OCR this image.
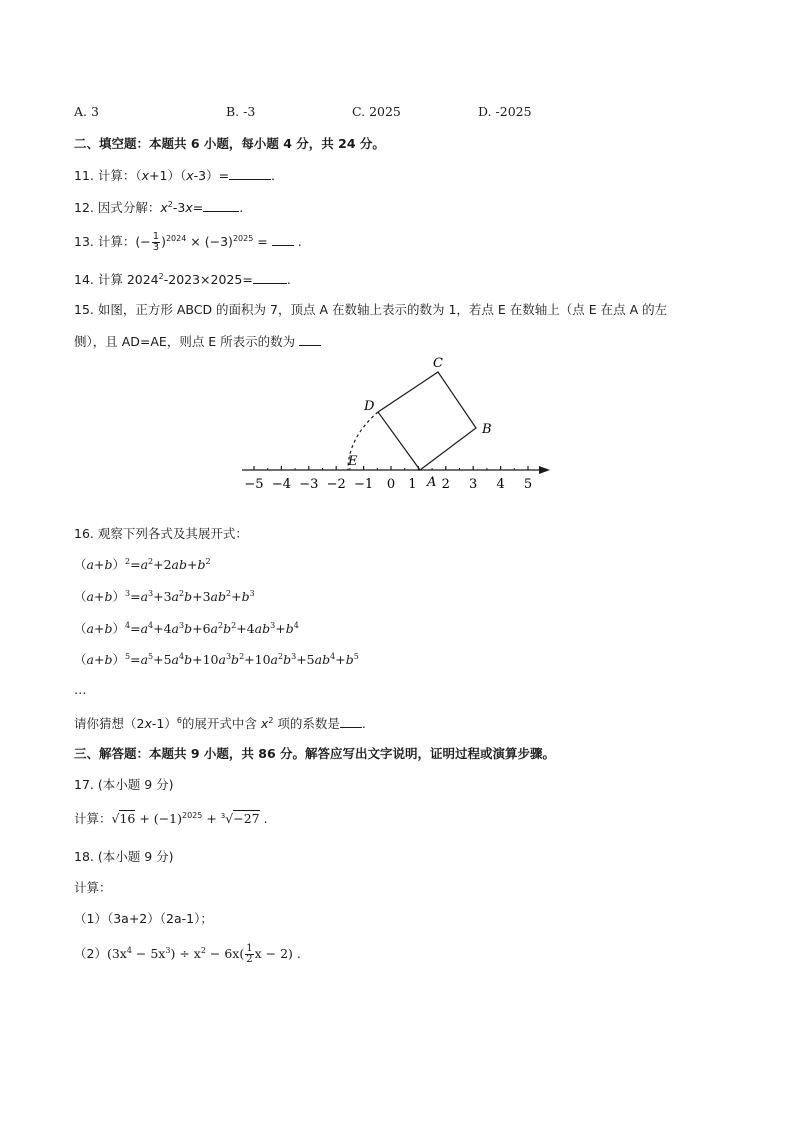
A. 3	B. -3	C. 2025	D. -2025
二、填空题：本题共 6 小题，每小题 4 分，共 24 分。
11. 计算：（x+1）（x-3）=	.
12. 因式分解：$x^2-3x=$	.
13. 计算：(− $\frac{1}{3} )^{2024} \times (-3)^{2025}$ =  .
14. 计算 $2024^2-2023\times 2025=$	.
15. 如图，正方形 ABCD 的面积为 7，顶点 A 在数轴上表示的数为 1，若点 E 在数轴上（点 E 在点 A 的左
侧），且 AD=AE，则点 E 所表示的数为
−5 −4 −3 −2 −1 0 1 2 3 4 5
C
B
D
E
A
16. 观察下列各式及其展开式：
$(a+b)^2=a^2+2ab+b^2$
$(a+b)^3=a^3+3a^2b+3ab^2+b^3$
$(a+b)^4=a^4+4a^3b+6a^2b^2+4ab^3+b^4$
$(a+b)^5=a^5+5a^4b+10a^3b^2+10a^2b^3+5ab^4+b^5$
…
请你猜想$(2x-1)^6$的展开式中含 $x^2$ 项的系数是 .
三、解答题：本题共 9 小题，共 86 分。解答应写出文字说明，证明过程或演算步骤。
17. (本小题 9 分)
计算：$√16 + (-1)^{2025} + ^3√-27$ .
18. (本小题 9 分)
计算：
（1）（3a+2）（2a-1）；
$(2)(3x^4 - 5x^3) \div x^2 - 6x( \frac{1}{2}$ x − 2) .
